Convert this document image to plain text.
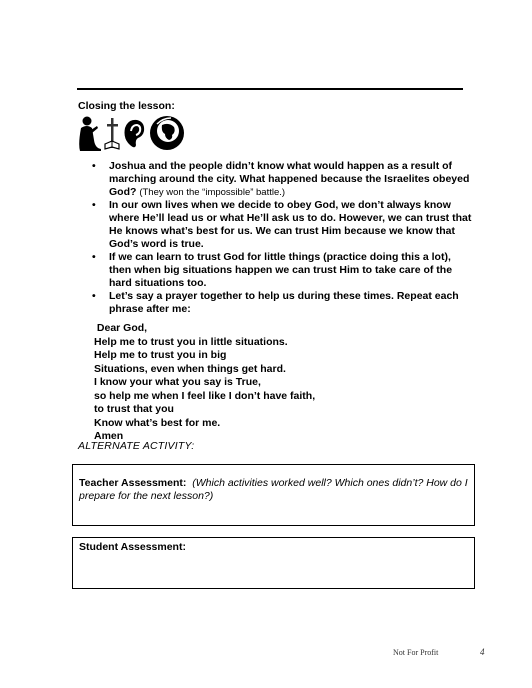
Closing the lesson:
• Joshua and the people didn’t know what would happen as a result of marching around the city. What happened because the Israelites obeyed God? (They won the “impossible” battle.)
• In our own lives when we decide to obey God, we don’t always know where He’ll lead us or what He’ll ask us to do. However, we can trust that He knows what’s best for us. We can trust Him because we know that God’s word is true.
• If we can learn to trust God for little things (practice doing this a lot), then when big situations happen we can trust Him to take care of the hard situations too.
• Let’s say a prayer together to help us during these times. Repeat each phrase after me:
Dear God,
Help me to trust you in little situations.
Help me to trust you in big
Situations, even when things get hard.
I know your what you say is True,
so help me when I feel like I don’t have faith,
to trust that you
Know what’s best for me.
Amen
ALTERNATE ACTIVITY:
Teacher Assessment: (Which activities worked well? Which ones didn’t? How do I prepare for the next lesson?)
Student Assessment:
Not For Profit	4
